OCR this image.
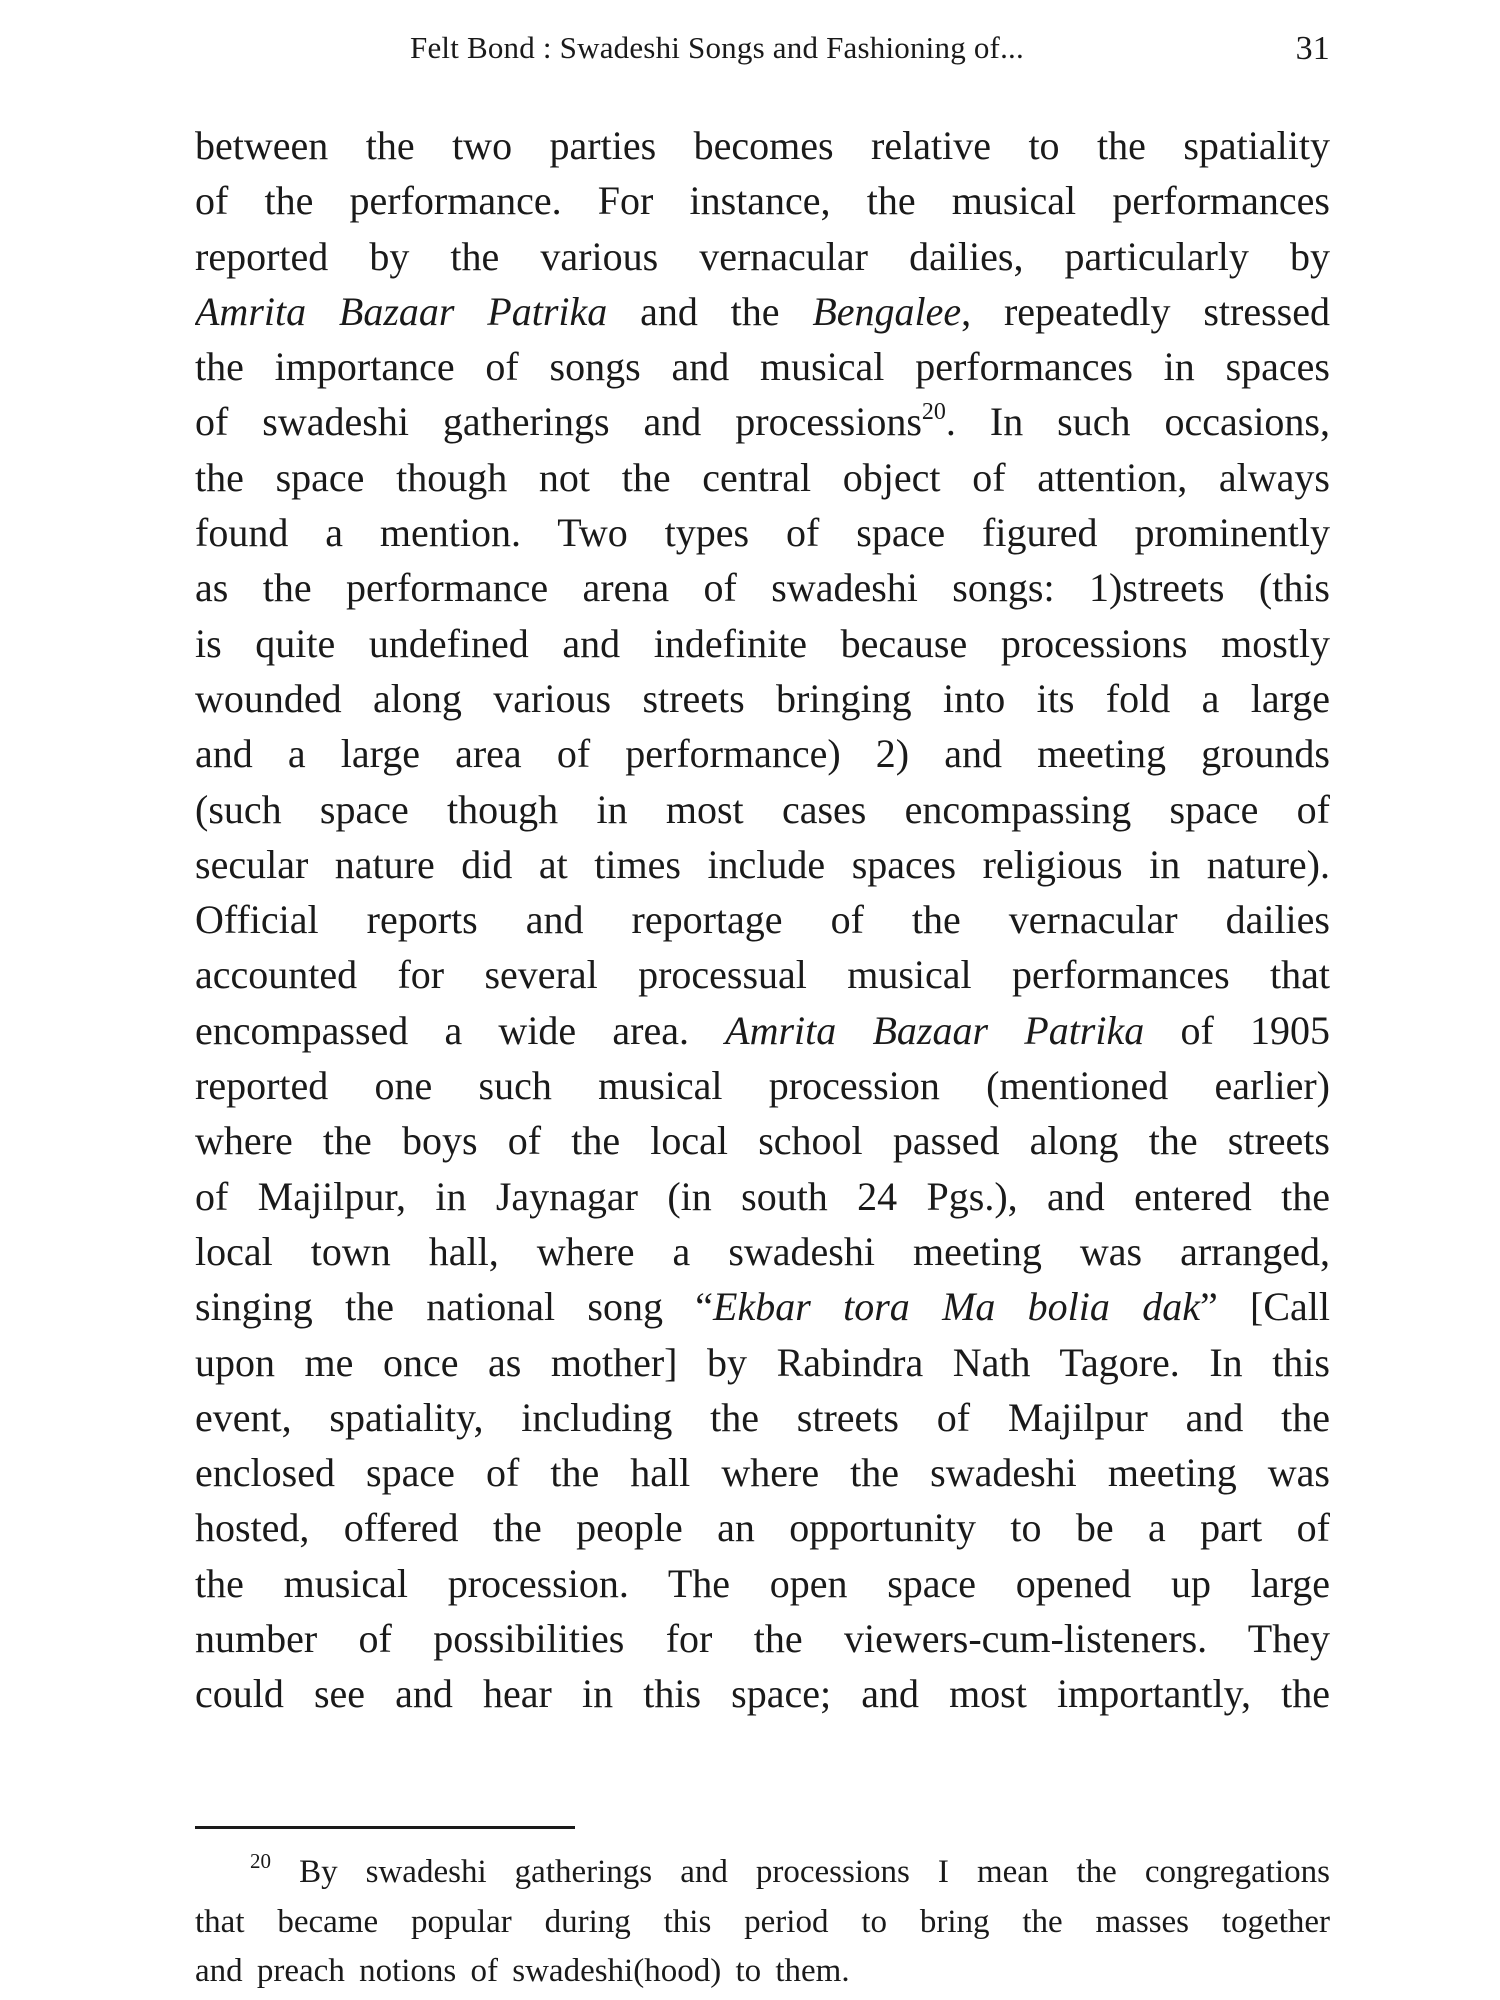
Felt Bond : Swadeshi Songs and Fashioning of...	31
between the two parties becomes relative to the spatiality
of the performance. For instance, the musical performances
reported by the various vernacular dailies, particularly by
Amrita Bazaar Patrika and the Bengalee, repeatedly stressed
the importance of songs and musical performances in spaces
of swadeshi gatherings and processions$^{20}$. In such occasions,
the space though not the central object of attention, always
found a mention. Two types of space figured prominently
as the performance arena of swadeshi songs: 1)streets (this
is quite undefined and indefinite because processions mostly
wounded along various streets bringing into its fold a large
and a large area of performance) 2) and meeting grounds
(such space though in most cases encompassing space of
secular nature did at times include spaces religious in nature).
Official reports and reportage of the vernacular dailies
accounted for several processual musical performances that
encompassed a wide area. Amrita Bazaar Patrika of 1905
reported one such musical procession (mentioned earlier)
where the boys of the local school passed along the streets
of Majilpur, in Jaynagar (in south 24 Pgs.), and entered the
local town hall, where a swadeshi meeting was arranged,
singing the national song “Ekbar tora Ma bolia dak” [Call
upon me once as mother] by Rabindra Nath Tagore. In this
event, spatiality, including the streets of Majilpur and the
enclosed space of the hall where the swadeshi meeting was
hosted, offered the people an opportunity to be a part of
the musical procession. The open space opened up large
number of possibilities for the viewers-cum-listeners. They
could see and hear in this space; and most importantly, the
$^{20}$ By swadeshi gatherings and processions I mean the congregations
that became popular during this period to bring the masses together
and preach notions of swadeshi(hood) to them.
